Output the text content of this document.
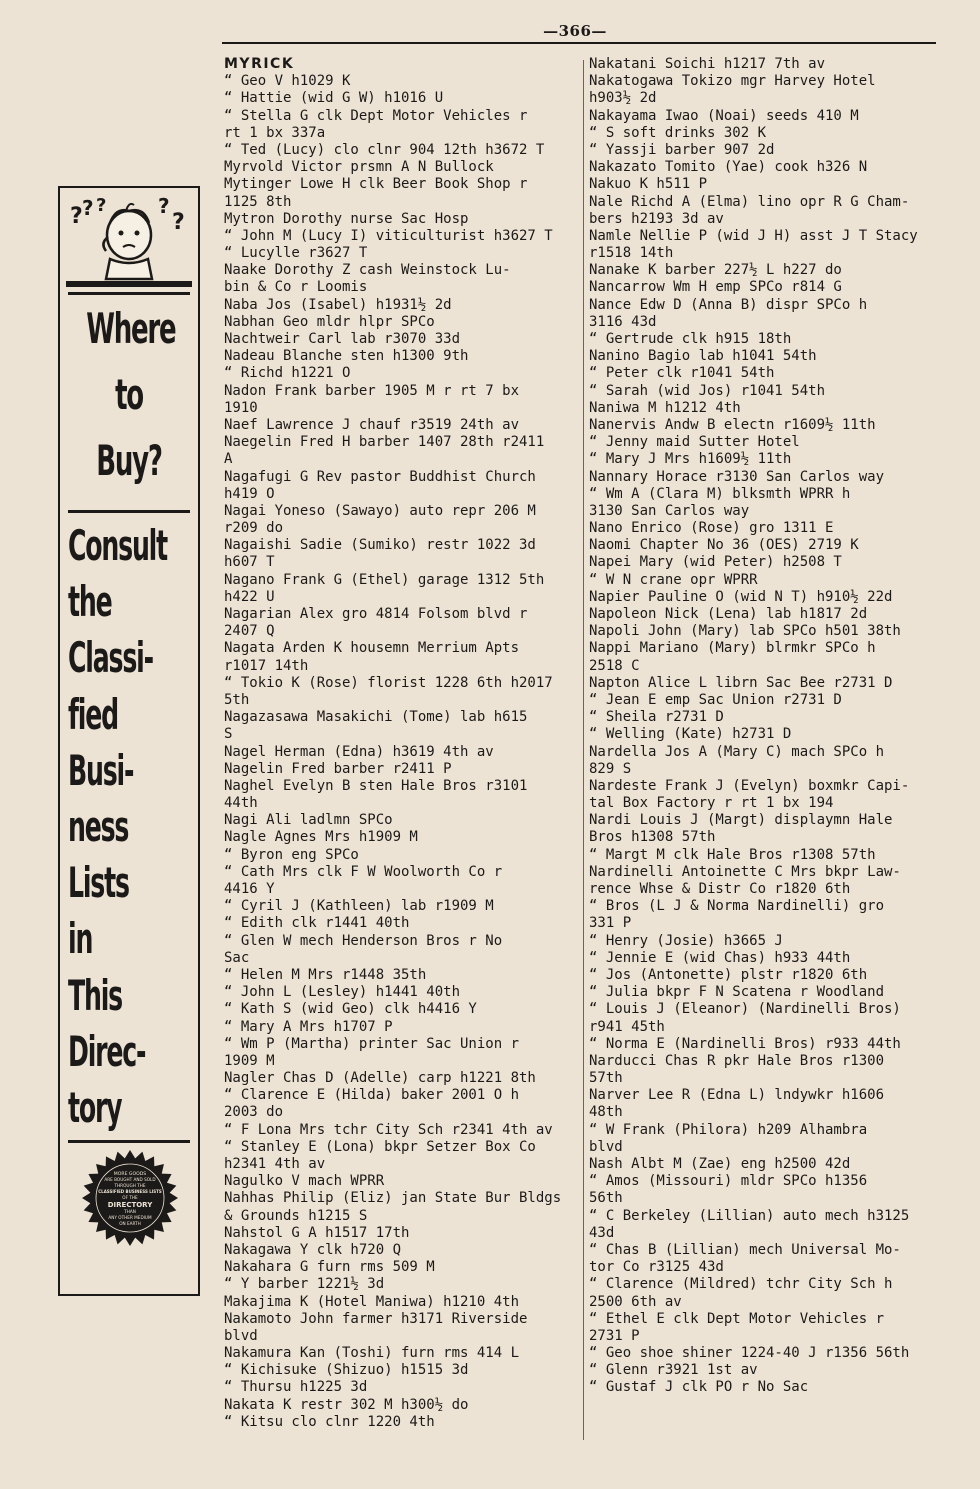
—366—
? ? ?	?
?
Where
to
Buy?
Consult
the
Classi-
fied
Busi-
ness
Lists
in
This
Direc-
tory
MORE GOODS
ARE BOUGHT AND SOLD
THROUGH THE
CLASSIFIED BUSINESS LISTS
OF THE
DIRECTORY
THAN
ANY OTHER MEDIUM
ON EARTH
MYRICK
“ Geo V h1029 K
“ Hattie (wid G W) h1016 U
“ Stella G clk Dept Motor Vehicles r
rt 1 bx 337a
“ Ted (Lucy) clo clnr 904 12th h3672 T
Myrvold Victor prsmn A N Bullock
Mytinger Lowe H clk Beer Book Shop r
1125 8th
Mytron Dorothy nurse Sac Hosp
“ John M (Lucy I) viticulturist h3627 T
“ Lucylle r3627 T
Naake Dorothy Z cash Weinstock Lu-
bin & Co r Loomis
Naba Jos (Isabel) h1931½ 2d
Nabhan Geo mldr hlpr SPCo
Nachtweir Carl lab r3070 33d
Nadeau Blanche sten h1300 9th
“ Richd h1221 O
Nadon Frank barber 1905 M r rt 7 bx
1910
Naef Lawrence J chauf r3519 24th av
Naegelin Fred H barber 1407 28th r2411
A
Nagafugi G Rev pastor Buddhist Church
h419 O
Nagai Yoneso (Sawayo) auto repr 206 M
r209 do
Nagaishi Sadie (Sumiko) restr 1022 3d
h607 T
Nagano Frank G (Ethel) garage 1312 5th
h422 U
Nagarian Alex gro 4814 Folsom blvd r
2407 Q
Nagata Arden K housemn Merrium Apts
r1017 14th
“ Tokio K (Rose) florist 1228 6th h2017
5th
Nagazasawa Masakichi (Tome) lab h615
S
Nagel Herman (Edna) h3619 4th av
Nagelin Fred barber r2411 P
Naghel Evelyn B sten Hale Bros r3101
44th
Nagi Ali ladlmn SPCo
Nagle Agnes Mrs h1909 M
“ Byron eng SPCo
“ Cath Mrs clk F W Woolworth Co r
4416 Y
“ Cyril J (Kathleen) lab r1909 M
“ Edith clk r1441 40th
“ Glen W mech Henderson Bros r No
Sac
“ Helen M Mrs r1448 35th
“ John L (Lesley) h1441 40th
“ Kath S (wid Geo) clk h4416 Y
“ Mary A Mrs h1707 P
“ Wm P (Martha) printer Sac Union r
1909 M
Nagler Chas D (Adelle) carp h1221 8th
“ Clarence E (Hilda) baker 2001 O h
2003 do
“ F Lona Mrs tchr City Sch r2341 4th av
“ Stanley E (Lona) bkpr Setzer Box Co
h2341 4th av
Nagulko V mach WPRR
Nahhas Philip (Eliz) jan State Bur Bldgs
& Grounds h1215 S
Nahstol G A h1517 17th
Nakagawa Y clk h720 Q
Nakahara G furn rms 509 M
“ Y barber 1221½ 3d
Makajima K (Hotel Maniwa) h1210 4th
Nakamoto John farmer h3171 Riverside
blvd
Nakamura Kan (Toshi) furn rms 414 L
“ Kichisuke (Shizuo) h1515 3d
“ Thursu h1225 3d
Nakata K restr 302 M h300½ do
“ Kitsu clo clnr 1220 4th
Nakatani Soichi h1217 7th av
Nakatogawa Tokizo mgr Harvey Hotel
h903½ 2d
Nakayama Iwao (Noai) seeds 410 M
“ S soft drinks 302 K
“ Yassji barber 907 2d
Nakazato Tomito (Yae) cook h326 N
Nakuo K h511 P
Nale Richd A (Elma) lino opr R G Cham-
bers h2193 3d av
Namle Nellie P (wid J H) asst J T Stacy
r1518 14th
Nanake K barber 227½ L h227 do
Nancarrow Wm H emp SPCo r814 G
Nance Edw D (Anna B) dispr SPCo h
3116 43d
“ Gertrude clk h915 18th
Nanino Bagio lab h1041 54th
“ Peter clk r1041 54th
“ Sarah (wid Jos) r1041 54th
Naniwa M h1212 4th
Nanervis Andw B electn r1609½ 11th
“ Jenny maid Sutter Hotel
“ Mary J Mrs h1609½ 11th
Nannary Horace r3130 San Carlos way
“ Wm A (Clara M) blksmth WPRR h
3130 San Carlos way
Nano Enrico (Rose) gro 1311 E
Naomi Chapter No 36 (OES) 2719 K
Napei Mary (wid Peter) h2508 T
“ W N crane opr WPRR
Napier Pauline O (wid N T) h910½ 22d
Napoleon Nick (Lena) lab h1817 2d
Napoli John (Mary) lab SPCo h501 38th
Nappi Mariano (Mary) blrmkr SPCo h
2518 C
Napton Alice L librn Sac Bee r2731 D
“ Jean E emp Sac Union r2731 D
“ Sheila r2731 D
“ Welling (Kate) h2731 D
Nardella Jos A (Mary C) mach SPCo h
829 S
Nardeste Frank J (Evelyn) boxmkr Capi-
tal Box Factory r rt 1 bx 194
Nardi Louis J (Margt) displaymn Hale
Bros h1308 57th
“ Margt M clk Hale Bros r1308 57th
Nardinelli Antoinette C Mrs bkpr Law-
rence Whse & Distr Co r1820 6th
“ Bros (L J & Norma Nardinelli) gro
331 P
“ Henry (Josie) h3665 J
“ Jennie E (wid Chas) h933 44th
“ Jos (Antonette) plstr r1820 6th
“ Julia bkpr F N Scatena r Woodland
“ Louis J (Eleanor) (Nardinelli Bros)
r941 45th
“ Norma E (Nardinelli Bros) r933 44th
Narducci Chas R pkr Hale Bros r1300
57th
Narver Lee R (Edna L) lndywkr h1606
48th
“ W Frank (Philora) h209 Alhambra
blvd
Nash Albt M (Zae) eng h2500 42d
“ Amos (Missouri) mldr SPCo h1356
56th
“ C Berkeley (Lillian) auto mech h3125
43d
“ Chas B (Lillian) mech Universal Mo-
tor Co r3125 43d
“ Clarence (Mildred) tchr City Sch h
2500 6th av
“ Ethel E clk Dept Motor Vehicles r
2731 P
“ Geo shoe shiner 1224-40 J r1356 56th
“ Glenn r3921 1st av
“ Gustaf J clk PO r No Sac
